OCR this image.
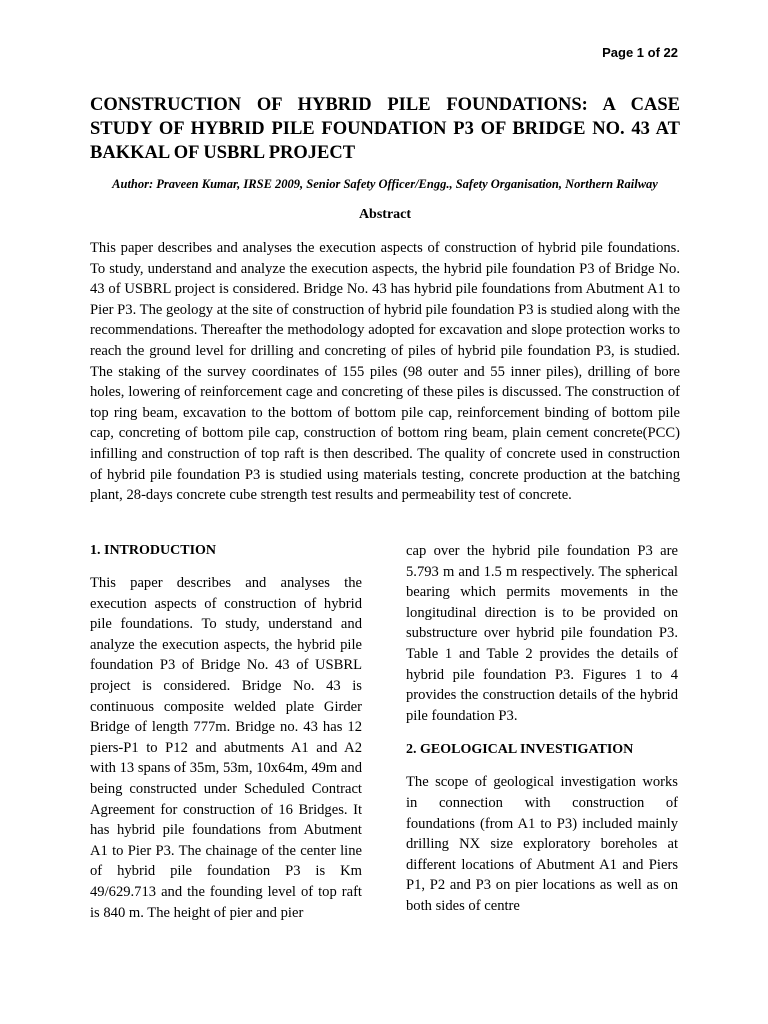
Page 1 of 22
CONSTRUCTION OF HYBRID PILE FOUNDATIONS: A CASE STUDY OF HYBRID PILE FOUNDATION P3 OF BRIDGE NO. 43 AT BAKKAL OF USBRL PROJECT
Author: Praveen Kumar, IRSE 2009, Senior Safety Officer/Engg., Safety Organisation, Northern Railway
Abstract

This paper describes and analyses the execution aspects of construction of hybrid pile foundations. To study, understand and analyze the execution aspects, the hybrid pile foundation P3 of Bridge No. 43 of USBRL project is considered. Bridge No. 43 has hybrid pile foundations from Abutment A1 to Pier P3. The geology at the site of construction of hybrid pile foundation P3 is studied along with the recommendations. Thereafter the methodology adopted for excavation and slope protection works to reach the ground level for drilling and concreting of piles of hybrid pile foundation P3, is studied. The staking of the survey coordinates of 155 piles (98 outer and 55 inner piles), drilling of bore holes, lowering of reinforcement cage and concreting of these piles is discussed. The construction of top ring beam, excavation to the bottom of bottom pile cap, reinforcement binding of bottom pile cap, concreting of bottom pile cap, construction of bottom ring beam, plain cement concrete(PCC) infilling and construction of top raft is then described. The quality of concrete used in construction of hybrid pile foundation P3 is studied using materials testing, concrete production at the batching plant, 28-days concrete cube strength test results and permeability test of concrete.

1. INTRODUCTION

This paper describes and analyses the execution aspects of construction of hybrid pile foundations. To study, understand and analyze the execution aspects, the hybrid pile foundation P3 of Bridge No. 43 of USBRL project is considered. Bridge No. 43 is continuous composite welded plate Girder Bridge of length 777m. Bridge no. 43 has 12 piers-P1 to P12 and abutments A1 and A2 with 13 spans of 35m, 53m, 10x64m, 49m and being constructed under Scheduled Contract Agreement for construction of 16 Bridges. It has hybrid pile foundations from Abutment A1 to Pier P3. The chainage of the center line of hybrid pile foundation P3 is Km 49/629.713 and the founding level of top raft is 840 m. The height of pier and pier

cap over the hybrid pile foundation P3 are 5.793 m and 1.5 m respectively. The spherical bearing which permits movements in the longitudinal direction is to be provided on substructure over hybrid pile foundation P3. Table 1 and Table 2 provides the details of hybrid pile foundation P3. Figures 1 to 4 provides the construction details of the hybrid pile foundation P3.

2. GEOLOGICAL INVESTIGATION

The scope of geological investigation works in connection with construction of foundations (from A1 to P3) included mainly drilling NX size exploratory boreholes at different locations of Abutment A1 and Piers P1, P2 and P3 on pier locations as well as on both sides of centre
